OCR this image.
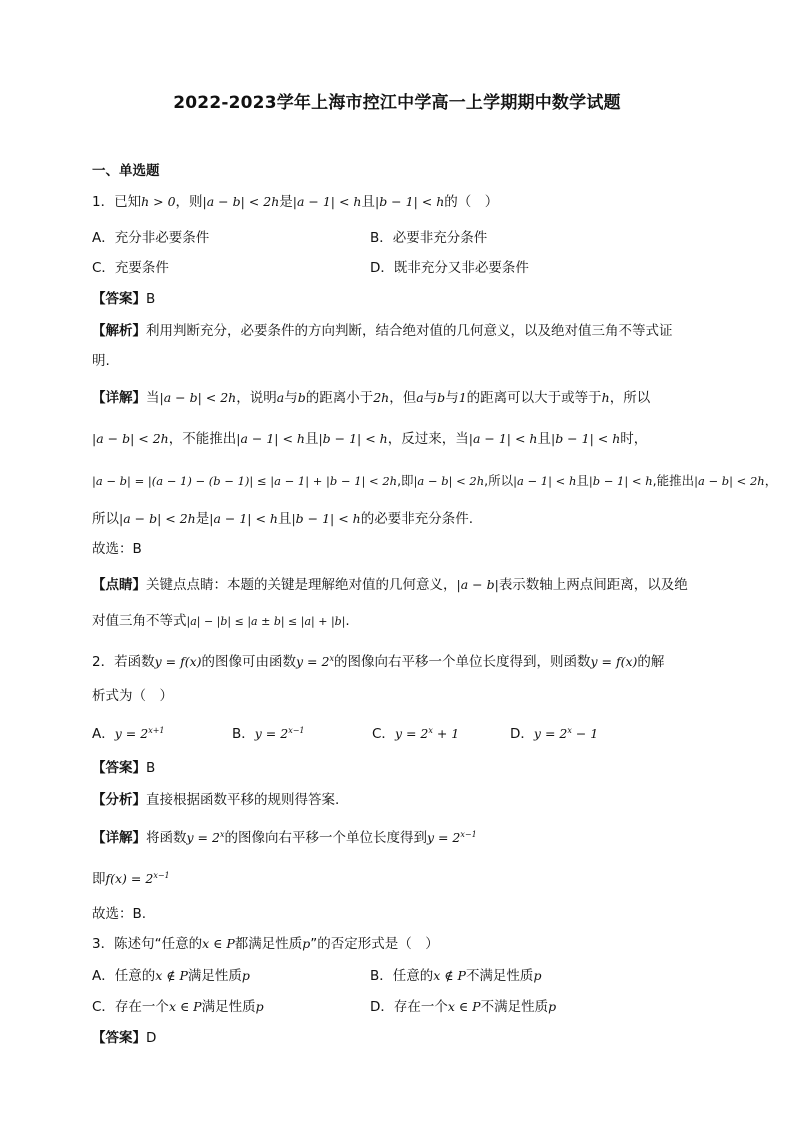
2022-2023学年上海市控江中学高一上学期期中数学试题
一、单选题
1．已知h > 0，则|a − b| < 2h是|a − 1| < h且|b − 1| < h的（　）
A．充分非必要条件	B．必要非充分条件
C．充要条件	D．既非充分又非必要条件
【答案】B
【解析】利用判断充分，必要条件的方向判断，结合绝对值的几何意义，以及绝对值三角不等式证
明.
【详解】当|a − b| < 2h，说明a与b的距离小于2h，但a与b与1的距离可以大于或等于h，所以
|a − b| < 2h，不能推出|a − 1| < h且|b − 1| < h，反过来，当|a − 1| < h且|b − 1| < h时，
|a − b| = |(a − 1) − (b − 1)| ≤ |a − 1| + |b − 1| < 2h,即|a − b| < 2h,所以|a − 1| < h且|b − 1| < h,能推出|a − b| < 2h，
所以|a − b| < 2h是|a − 1| < h且|b − 1| < h的必要非充分条件.
故选：B
【点睛】关键点点睛：本题的关键是理解绝对值的几何意义，|a − b|表示数轴上两点间距离，以及绝
对值三角不等式|a| − |b| ≤ |a ± b| ≤ |a| + |b|.
2．若函数y = f(x)的图像可由函数$y = 2^x$的图像向右平移一个单位长度得到，则函数y = f(x)的解
析式为（　）
A．$y = 2^{x+1}$	B．$y = 2^{x-1}$	C．$y = 2^x + 1$	D．$y = 2^x - 1$
【答案】B
【分析】直接根据函数平移的规则得答案.
【详解】将函数$y = 2^x$的图像向右平移一个单位长度得到$y = 2^{x-1}$
即$f(x) = 2^{x-1}$
故选：B.
3．陈述句“任意的x ∈ P都满足性质p”的否定形式是（　）
A．任意的x ∉ P满足性质p	B．任意的x ∉ P不满足性质p
C．存在一个x ∈ P满足性质p	D．存在一个x ∈ P不满足性质p
【答案】D
